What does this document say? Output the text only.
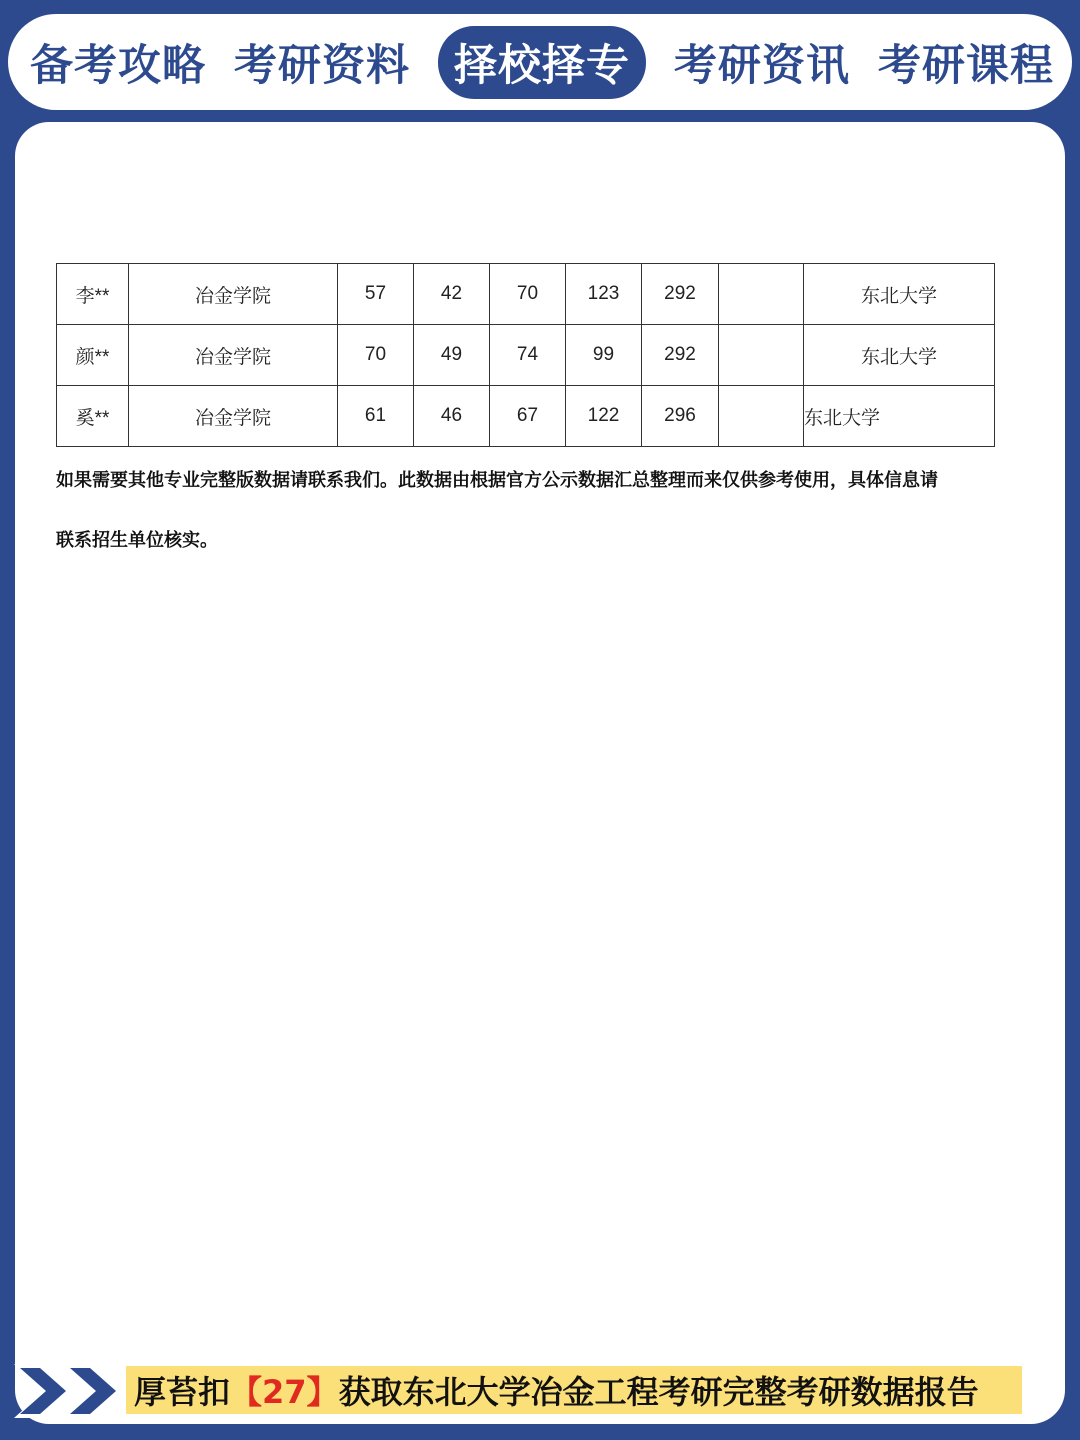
备考攻略 考研资料	择校择专	考研资讯 考研课程
李**	冶金学院	57	42	70	123	292		东北大学
颜**	冶金学院	70	49	74	99	292		东北大学
奚**	冶金学院	61	46	67	122	296		东北大学
如果需要其他专业完整版数据请联系我们。此数据由根据官方公示数据汇总整理而来仅供参考使用，具体信息请
联系招生单位核实。
厚苔扣 【27】 获取东北大学冶金工程考研完整考研数据报告
